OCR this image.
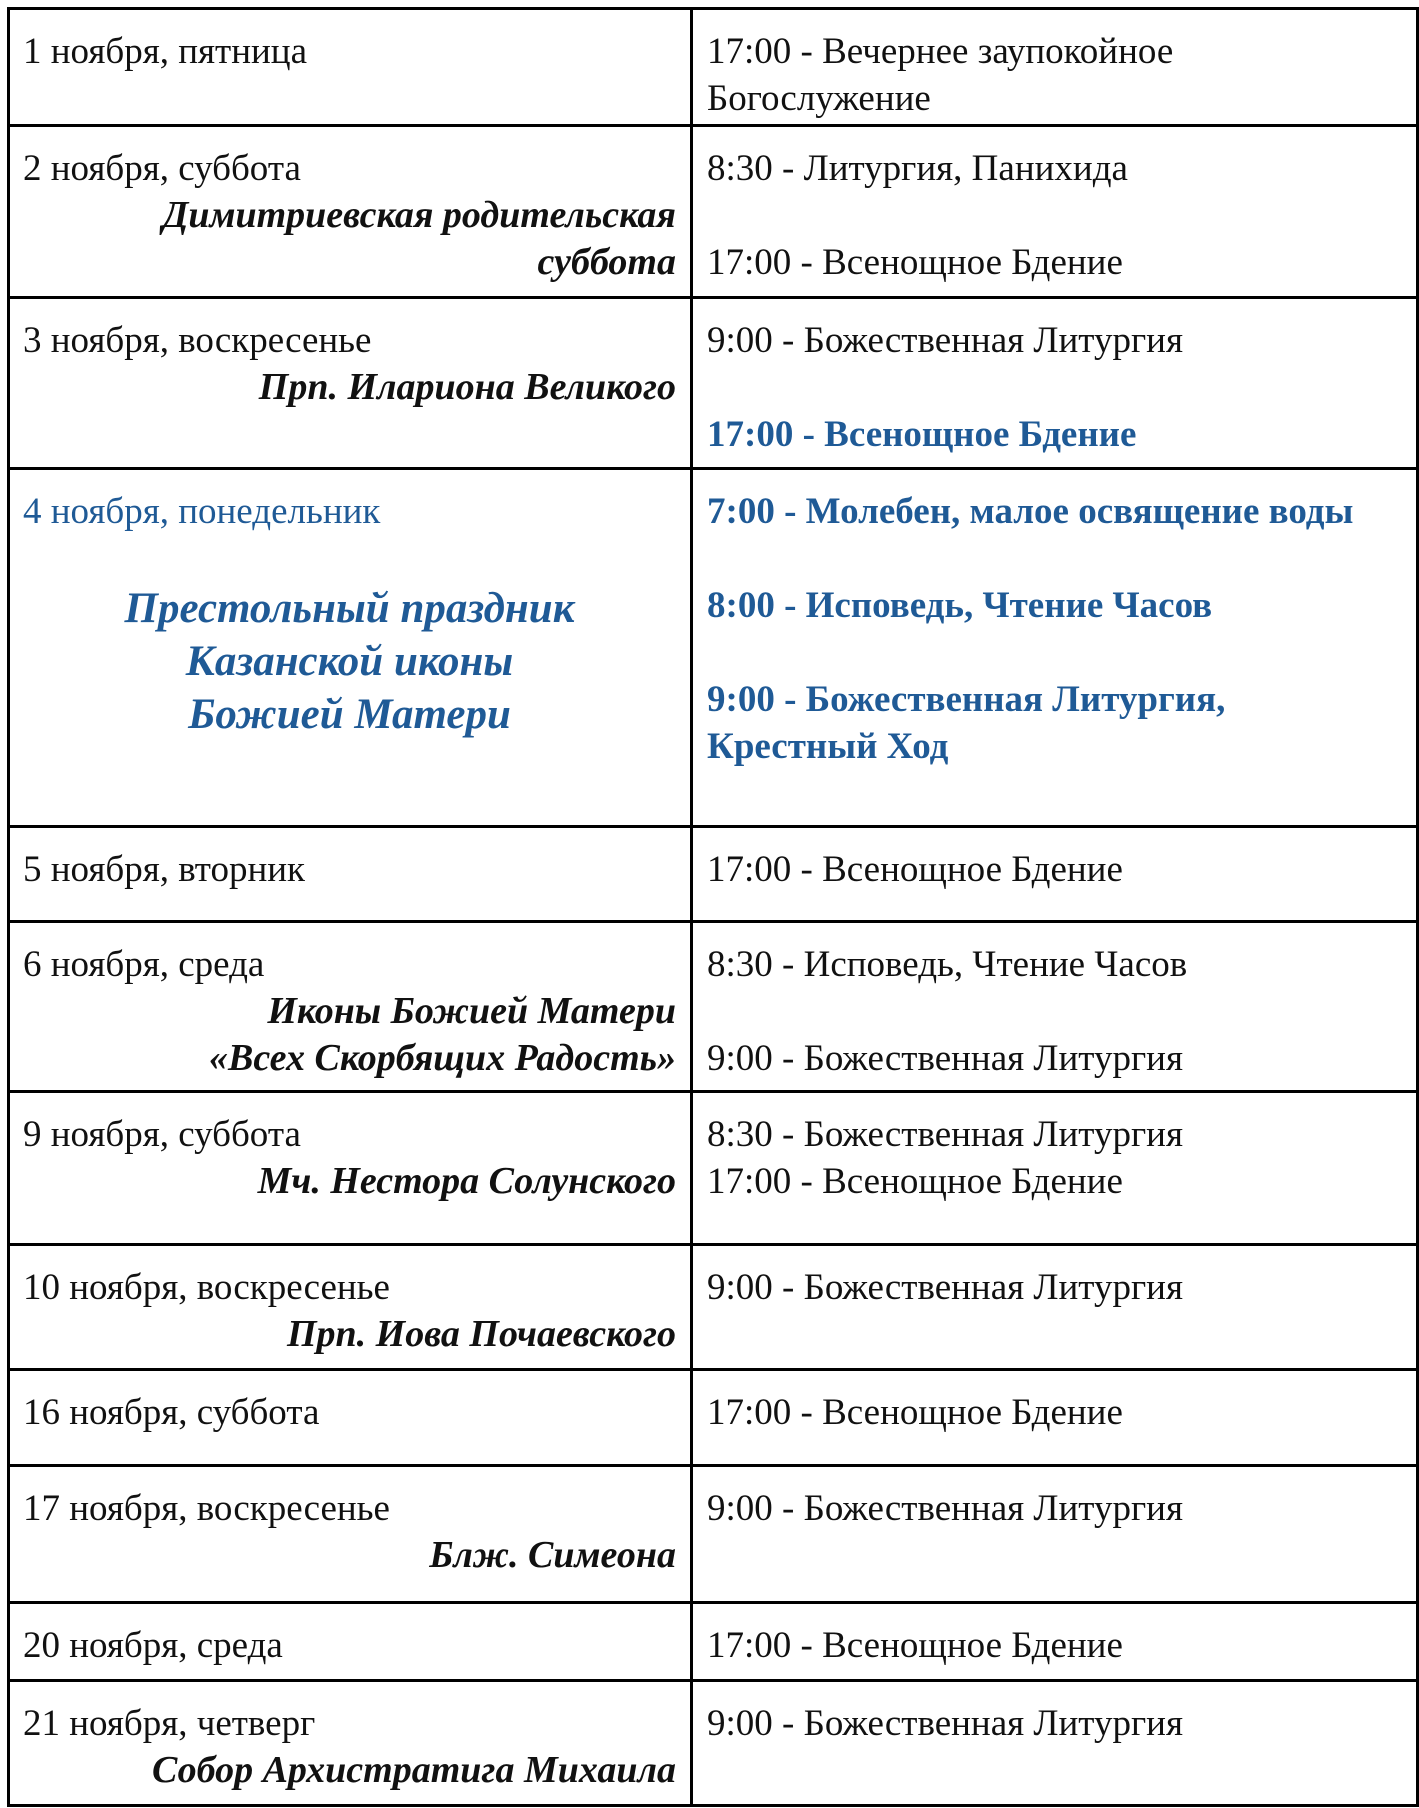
1 ноября, пятница	17:00 - Вечернее заупокойное Богослужение

2 ноября, суббота
Димитриевская родительская
суббота	8:30 - Литургия, Панихида
17:00 - Всенощное Бдение

3 ноября, воскресенье
Прп. Илариона Великого	9:00 - Божественная Литургия
17:00 - Всенощное Бдение

4 ноября, понедельник
Престольный праздник
Казанской иконы
Божией Матери	7:00 - Молебен, малое освящение воды
8:00 - Исповедь, Чтение Часов
9:00 - Божественная Литургия, Крестный Ход

5 ноября, вторник	17:00 - Всенощное Бдение

6 ноября, среда
Иконы Божией Матери
«Всех Скорбящих Радость»	8:30 - Исповедь, Чтение Часов
9:00 - Божественная Литургия

9 ноября, суббота
Мч. Нестора Солунского	8:30 - Божественная Литургия
17:00 - Всенощное Бдение

10 ноября, воскресенье
Прп. Иова Почаевского	9:00 - Божественная Литургия

16 ноября, суббота	17:00 - Всенощное Бдение

17 ноября, воскресенье
Блж. Симеона	9:00 - Божественная Литургия

20 ноября, среда	17:00 - Всенощное Бдение

21 ноября, четверг
Собор Архистратига Михаила	9:00 - Божественная Литургия
